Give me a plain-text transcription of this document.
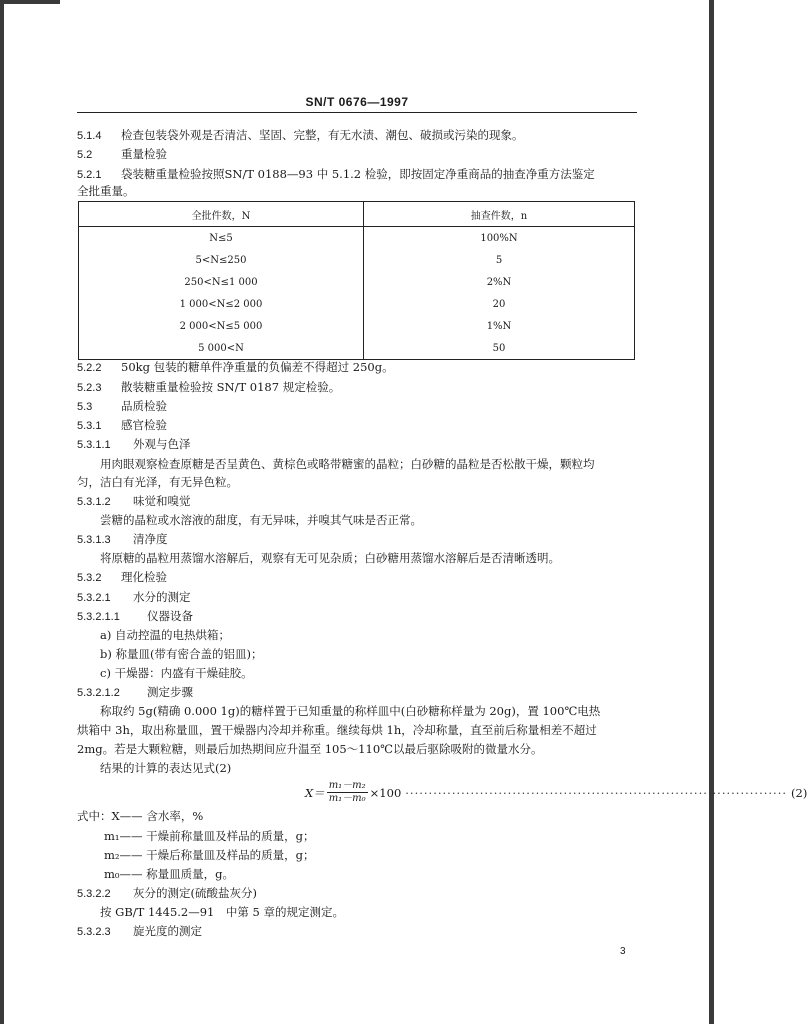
SN/T 0676—1997
5.1.4 检查包装袋外观是否清洁、坚固、完整，有无水渍、潮包、破损或污染的现象。
5.2 重量检验
5.2.1 袋装糖重量检验按照SN/T 0188—93 中 5.1.2 检验，即按固定净重商品的抽查净重方法鉴定
全批重量。
全批件数，N	抽查件数，n
N≤5	100%N
5<N≤250	5
250<N≤1 000	2%N
1 000<N≤2 000	20
2 000<N≤5 000	1%N
5 000<N	50
5.2.2 50kg 包装的糖单件净重量的负偏差不得超过 250g。
5.2.3 散装糖重量检验按 SN/T 0187 规定检验。
5.3 品质检验
5.3.1 感官检验
5.3.1.1 外观与色泽
用肉眼观察检查原糖是否呈黄色、黄棕色或略带糖蜜的晶粒；白砂糖的晶粒是否松散干燥，颗粒均
匀，洁白有光泽，有无异色粒。
5.3.1.2 味觉和嗅觉
尝糖的晶粒或水溶液的甜度，有无异味，并嗅其气味是否正常。
5.3.1.3 清净度
将原糖的晶粒用蒸馏水溶解后，观察有无可见杂质；白砂糖用蒸馏水溶解后是否清晰透明。
5.3.2 理化检验
5.3.2.1 水分的测定
5.3.2.1.1 仪器设备
a) 自动控温的电热烘箱；
b) 称量皿(带有密合盖的铝皿)；
c) 干燥器：内盛有干燥硅胶。
5.3.2.1.2 测定步骤
称取约 5g(精确 0.000 1g)的糖样置于已知重量的称样皿中(白砂糖称样量为 20g)，置 100℃电热
烘箱中 3h，取出称量皿，置干燥器内冷却并称重。继续每烘 1h，冷却称量，直至前后称量相差不超过
2mg。若是大颗粒糖，则最后加热期间应升温至 105～110℃以最后驱除吸附的微量水分。
结果的计算的表达见式(2)
$X= \frac{\text{m₁－m₂}}{\text{m₁－m₀}} \times 100$ ·················································································· (2)
式中：X—— 含水率，%
m₁—— 干燥前称量皿及样品的质量，g；
m₂—— 干燥后称量皿及样品的质量，g；
m₀—— 称量皿质量，g。
5.3.2.2 灰分的测定(硫酸盐灰分)
按 GB/T 1445.2—91　中第 5 章的规定测定。
5.3.2.3 旋光度的测定
3
